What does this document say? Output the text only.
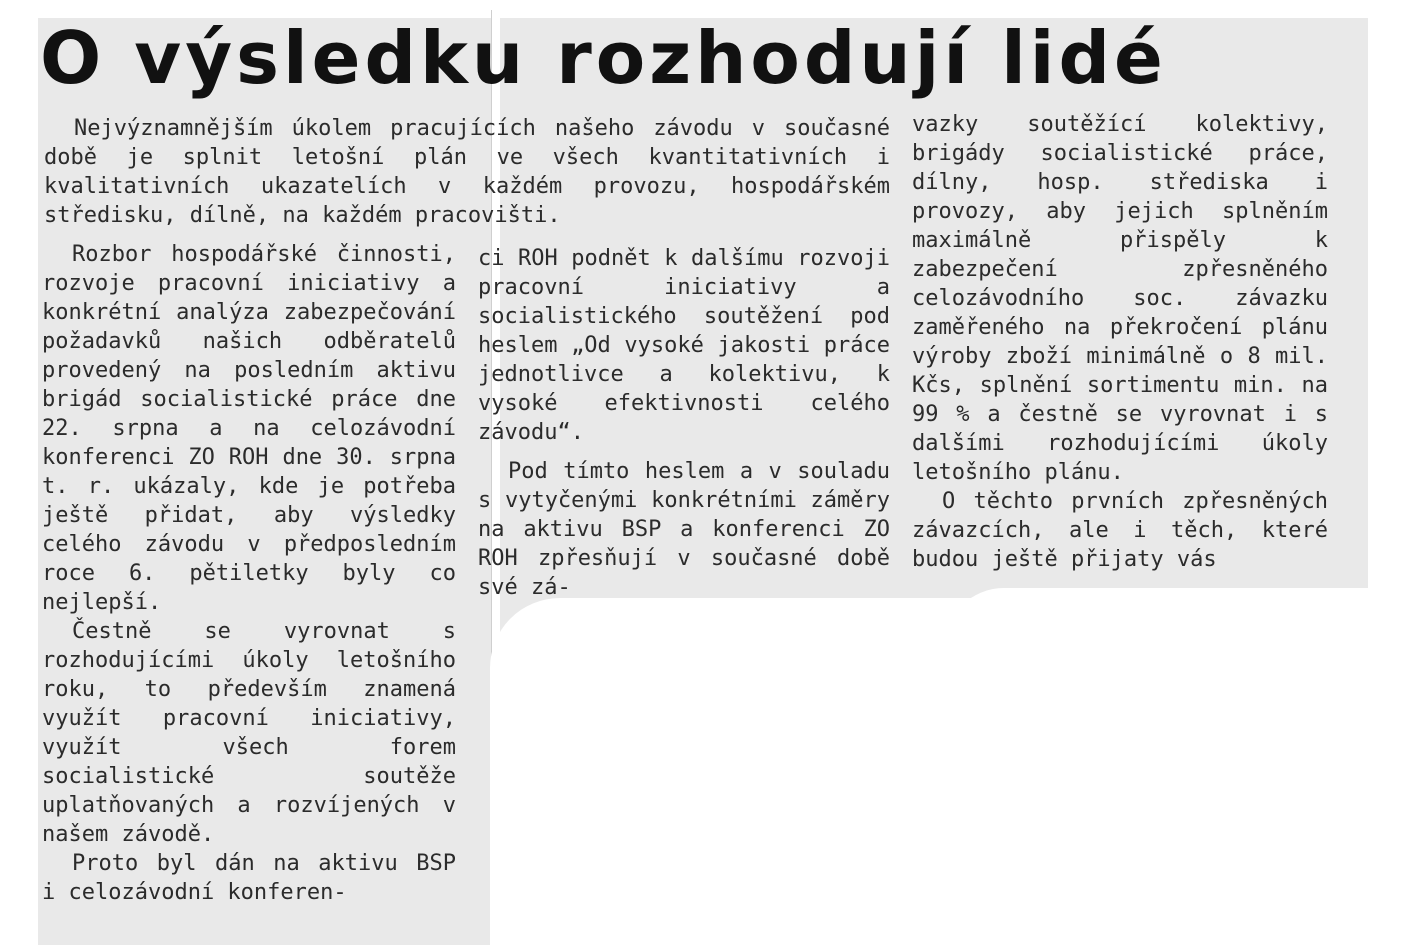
O výsledku rozhodují lidé

Nejvýznamnějším úkolem pracujících našeho závodu v současné době je splnit letošní plán ve všech kvantitativních i kvalitativních ukazatelích v každém provozu, hospodářském středisku, dílně, na každém pracovišti.

Rozbor hospodářské činnosti, rozvoje pracovní iniciativy a konkrétní analýza zabezpečování požadavků našich odběratelů provedený na posledním aktivu brigád socialistické práce dne 22. srpna a na celozávodní konferenci ZO ROH dne 30. srpna t. r. ukázaly, kde je potřeba ještě přidat, aby výsledky celého závodu v předposledním roce 6. pětiletky byly co nejlepší.

Čestně se vyrovnat s rozhodujícími úkoly letošního roku, to především znamená využít pracovní iniciativy, využít všech forem socialistické soutěže uplatňovaných a rozvíjených v našem závodě.

Proto byl dán na aktivu BSP i celozávodní konferen-

ci ROH podnět k dalšímu rozvoji pracovní iniciativy a socialistického soutěžení pod heslem „Od vysoké jakosti práce jednotlivce a kolektivu, k vysoké efektivnosti celého závodu“.

Pod tímto heslem a v souladu s vytyčenými konkrétními záměry na aktivu BSP a konferenci ZO ROH zpřesňují v současné době své zá-

vazky soutěžící kolektivy, brigády socialistické práce, dílny, hosp. střediska i provozy, aby jejich splněním maximálně přispěly k zabezpečení zpřesněného celozávodního soc. závazku zaměřeného na překročení plánu výroby zboží minimálně o 8 mil. Kčs, splnění sortimentu min. na 99 % a čestně se vyrovnat i s dalšími rozhodujícími úkoly letošního plánu.

O těchto prvních zpřesněných závazcích, ale i těch, které budou ještě přijaty vás
